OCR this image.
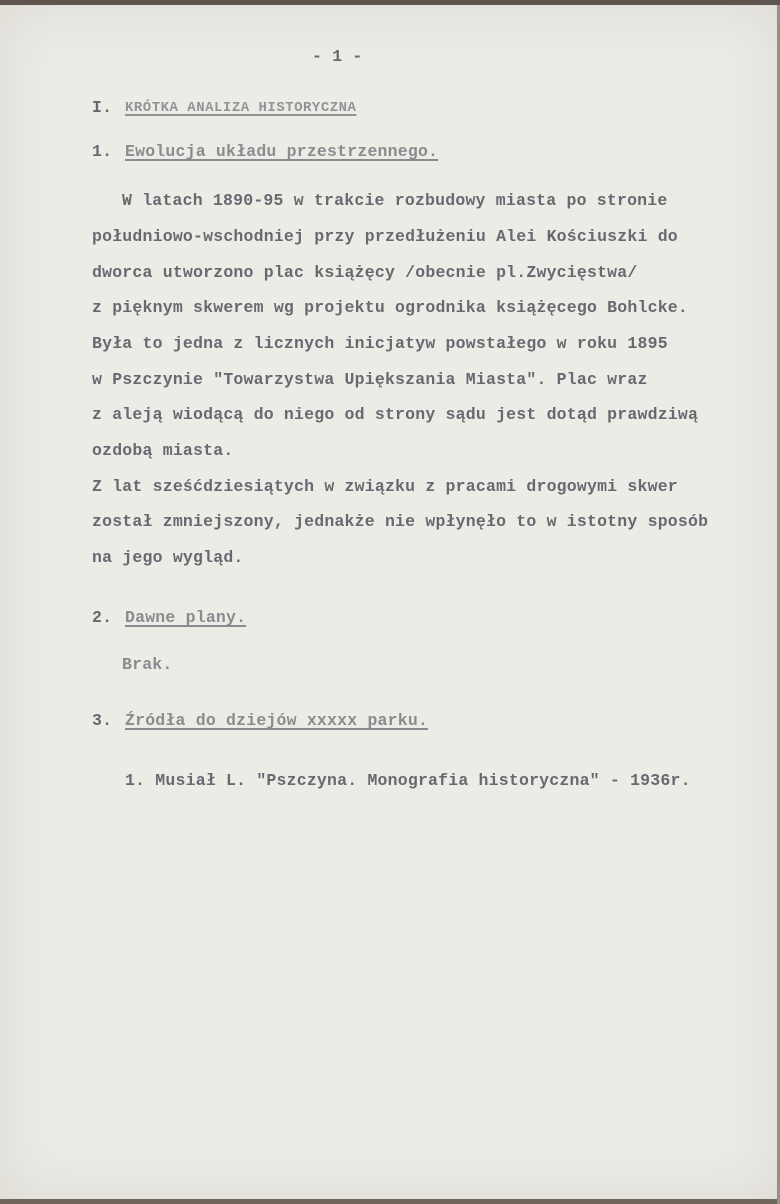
- 1 -

I. KRÓTKA ANALIZA HISTORYCZNA

1. Ewolucja układu przestrzennego.

W latach 1890-95 w trakcie rozbudowy miasta po stronie

południowo-wschodniej przy przedłużeniu Alei Kościuszki do

dworca utworzono plac książęcy /obecnie pl.Zwycięstwa/

z pięknym skwerem wg projektu ogrodnika książęcego Bohlcke.

Była to jedna z licznych inicjatyw powstałego w roku 1895

w Pszczynie "Towarzystwa Upiększania Miasta". Plac wraz

z aleją wiodącą do niego od strony sądu jest dotąd prawdziwą

ozdobą miasta.

Z lat sześćdziesiątych w związku z pracami drogowymi skwer

został zmniejszony, jednakże nie wpłynęło to w istotny sposób

na jego wygląd.

2. Dawne plany.

Brak.

3. Źródła do dziejów xxxxx parku.

1. Musiał L. "Pszczyna. Monografia historyczna" - 1936r.
